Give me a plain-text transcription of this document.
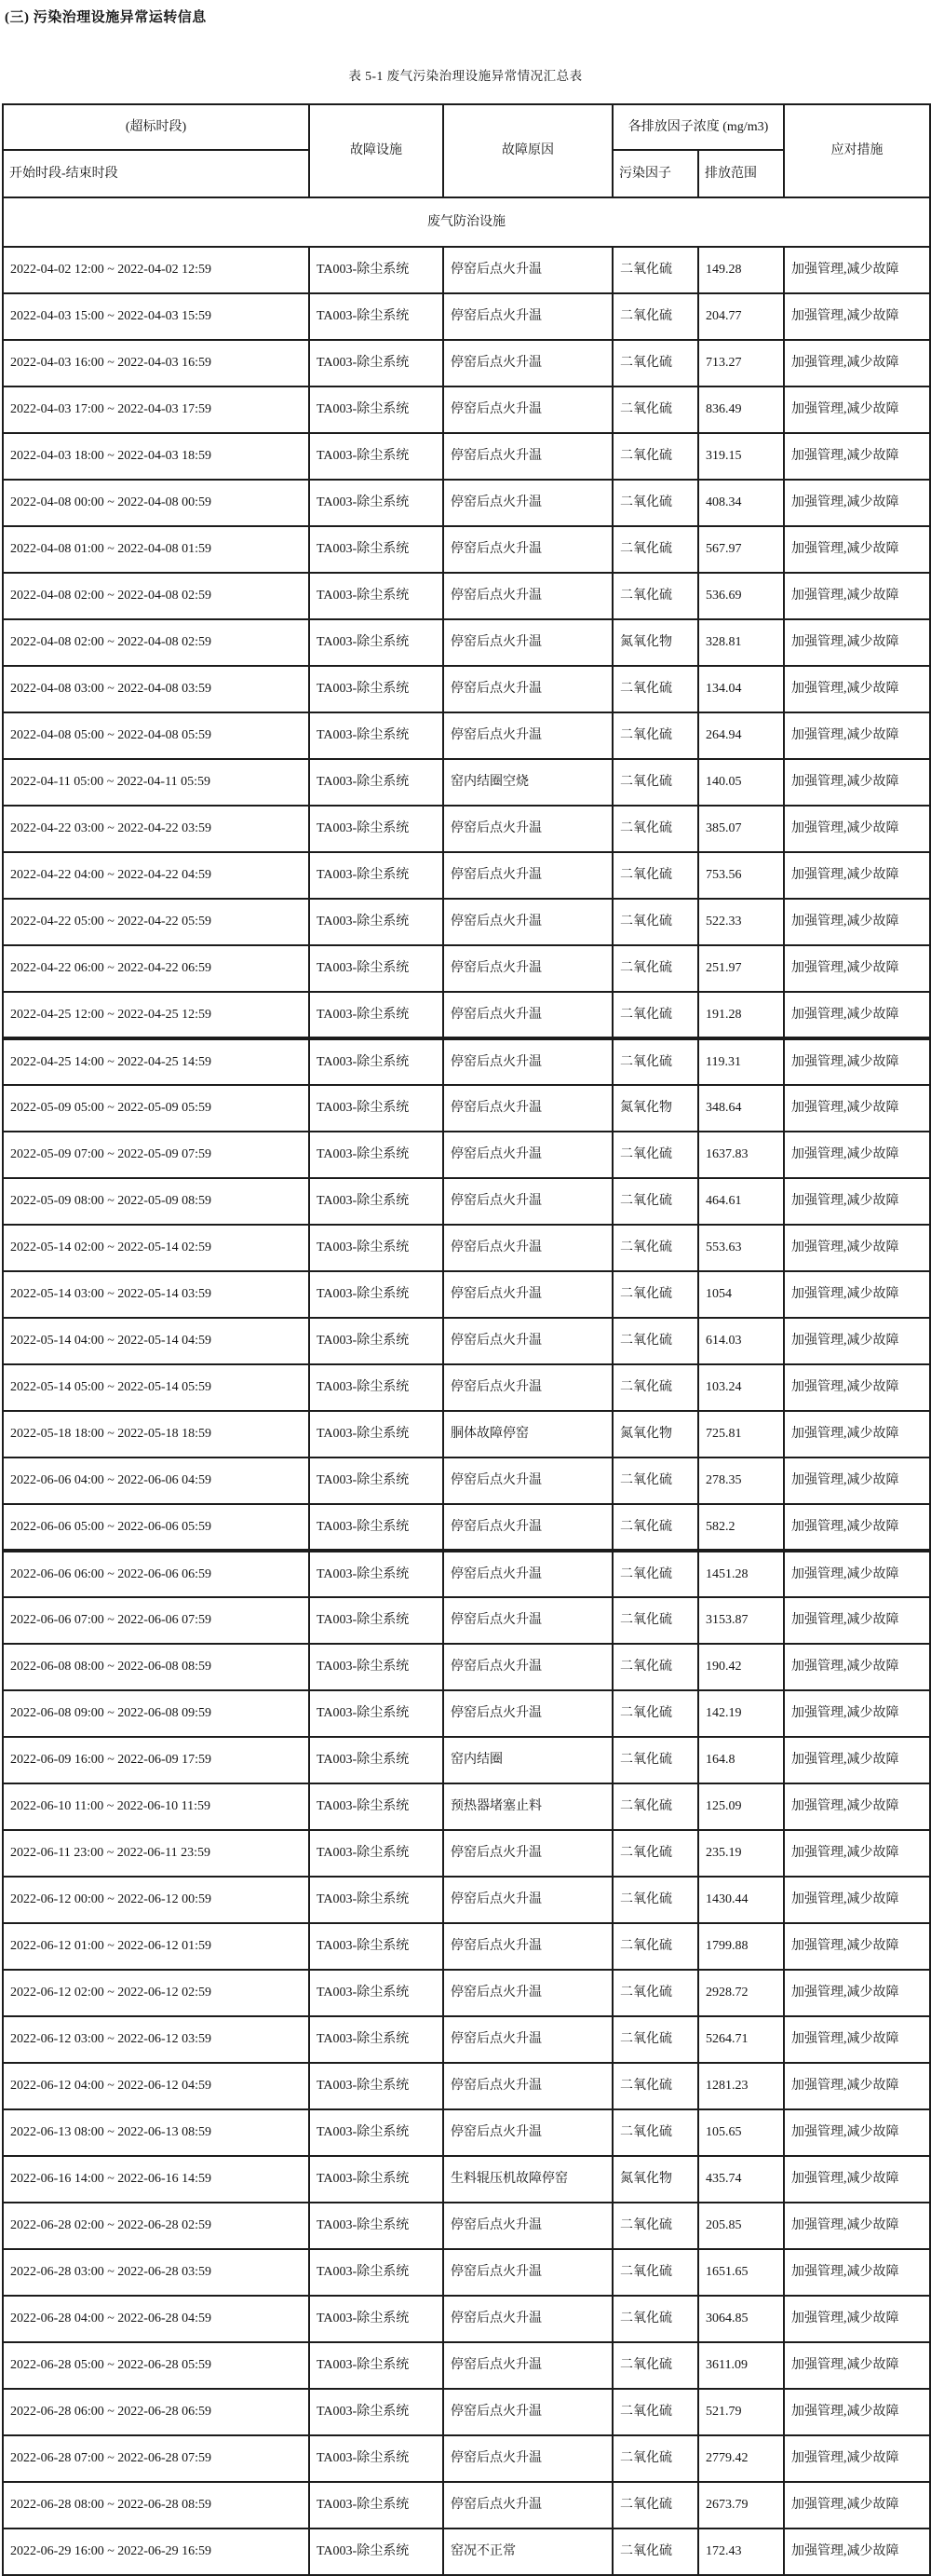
(三) 污染治理设施异常运转信息
表 5-1 废气污染治理设施异常情况汇总表
(超标时段)	故障设施	故障原因	各排放因子浓度 (mg/m3)		应对措施
开始时段-结束时段			污染因子	排放范围	
废气防治设施					
2022-04-02 12:00 ~ 2022-04-02 12:59	TA003-除尘系统	停窑后点火升温	二氧化硫	149.28	加强管理,减少故障
2022-04-03 15:00 ~ 2022-04-03 15:59	TA003-除尘系统	停窑后点火升温	二氧化硫	204.77	加强管理,减少故障
2022-04-03 16:00 ~ 2022-04-03 16:59	TA003-除尘系统	停窑后点火升温	二氧化硫	713.27	加强管理,减少故障
2022-04-03 17:00 ~ 2022-04-03 17:59	TA003-除尘系统	停窑后点火升温	二氧化硫	836.49	加强管理,减少故障
2022-04-03 18:00 ~ 2022-04-03 18:59	TA003-除尘系统	停窑后点火升温	二氧化硫	319.15	加强管理,减少故障
2022-04-08 00:00 ~ 2022-04-08 00:59	TA003-除尘系统	停窑后点火升温	二氧化硫	408.34	加强管理,减少故障
2022-04-08 01:00 ~ 2022-04-08 01:59	TA003-除尘系统	停窑后点火升温	二氧化硫	567.97	加强管理,减少故障
2022-04-08 02:00 ~ 2022-04-08 02:59	TA003-除尘系统	停窑后点火升温	二氧化硫	536.69	加强管理,减少故障
2022-04-08 02:00 ~ 2022-04-08 02:59	TA003-除尘系统	停窑后点火升温	氮氧化物	328.81	加强管理,减少故障
2022-04-08 03:00 ~ 2022-04-08 03:59	TA003-除尘系统	停窑后点火升温	二氧化硫	134.04	加强管理,减少故障
2022-04-08 05:00 ~ 2022-04-08 05:59	TA003-除尘系统	停窑后点火升温	二氧化硫	264.94	加强管理,减少故障
2022-04-11 05:00 ~ 2022-04-11 05:59	TA003-除尘系统	窑内结圈空烧	二氧化硫	140.05	加强管理,减少故障
2022-04-22 03:00 ~ 2022-04-22 03:59	TA003-除尘系统	停窑后点火升温	二氧化硫	385.07	加强管理,减少故障
2022-04-22 04:00 ~ 2022-04-22 04:59	TA003-除尘系统	停窑后点火升温	二氧化硫	753.56	加强管理,减少故障
2022-04-22 05:00 ~ 2022-04-22 05:59	TA003-除尘系统	停窑后点火升温	二氧化硫	522.33	加强管理,减少故障
2022-04-22 06:00 ~ 2022-04-22 06:59	TA003-除尘系统	停窑后点火升温	二氧化硫	251.97	加强管理,减少故障
2022-04-25 12:00 ~ 2022-04-25 12:59	TA003-除尘系统	停窑后点火升温	二氧化硫	191.28	加强管理,减少故障
2022-04-25 14:00 ~ 2022-04-25 14:59	TA003-除尘系统	停窑后点火升温	二氧化硫	119.31	加强管理,减少故障
2022-05-09 05:00 ~ 2022-05-09 05:59	TA003-除尘系统	停窑后点火升温	氮氧化物	348.64	加强管理,减少故障
2022-05-09 07:00 ~ 2022-05-09 07:59	TA003-除尘系统	停窑后点火升温	二氧化硫	1637.83	加强管理,减少故障
2022-05-09 08:00 ~ 2022-05-09 08:59	TA003-除尘系统	停窑后点火升温	二氧化硫	464.61	加强管理,减少故障
2022-05-14 02:00 ~ 2022-05-14 02:59	TA003-除尘系统	停窑后点火升温	二氧化硫	553.63	加强管理,减少故障
2022-05-14 03:00 ~ 2022-05-14 03:59	TA003-除尘系统	停窑后点火升温	二氧化硫	1054	加强管理,减少故障
2022-05-14 04:00 ~ 2022-05-14 04:59	TA003-除尘系统	停窑后点火升温	二氧化硫	614.03	加强管理,减少故障
2022-05-14 05:00 ~ 2022-05-14 05:59	TA003-除尘系统	停窑后点火升温	二氧化硫	103.24	加强管理,减少故障
2022-05-18 18:00 ~ 2022-05-18 18:59	TA003-除尘系统	胴体故障停窑	氮氧化物	725.81	加强管理,减少故障
2022-06-06 04:00 ~ 2022-06-06 04:59	TA003-除尘系统	停窑后点火升温	二氧化硫	278.35	加强管理,减少故障
2022-06-06 05:00 ~ 2022-06-06 05:59	TA003-除尘系统	停窑后点火升温	二氧化硫	582.2	加强管理,减少故障
2022-06-06 06:00 ~ 2022-06-06 06:59	TA003-除尘系统	停窑后点火升温	二氧化硫	1451.28	加强管理,减少故障
2022-06-06 07:00 ~ 2022-06-06 07:59	TA003-除尘系统	停窑后点火升温	二氧化硫	3153.87	加强管理,减少故障
2022-06-08 08:00 ~ 2022-06-08 08:59	TA003-除尘系统	停窑后点火升温	二氧化硫	190.42	加强管理,减少故障
2022-06-08 09:00 ~ 2022-06-08 09:59	TA003-除尘系统	停窑后点火升温	二氧化硫	142.19	加强管理,减少故障
2022-06-09 16:00 ~ 2022-06-09 17:59	TA003-除尘系统	窑内结圈	二氧化硫	164.8	加强管理,减少故障
2022-06-10 11:00 ~ 2022-06-10 11:59	TA003-除尘系统	预热器堵塞止料	二氧化硫	125.09	加强管理,减少故障
2022-06-11 23:00 ~ 2022-06-11 23:59	TA003-除尘系统	停窑后点火升温	二氧化硫	235.19	加强管理,减少故障
2022-06-12 00:00 ~ 2022-06-12 00:59	TA003-除尘系统	停窑后点火升温	二氧化硫	1430.44	加强管理,减少故障
2022-06-12 01:00 ~ 2022-06-12 01:59	TA003-除尘系统	停窑后点火升温	二氧化硫	1799.88	加强管理,减少故障
2022-06-12 02:00 ~ 2022-06-12 02:59	TA003-除尘系统	停窑后点火升温	二氧化硫	2928.72	加强管理,减少故障
2022-06-12 03:00 ~ 2022-06-12 03:59	TA003-除尘系统	停窑后点火升温	二氧化硫	5264.71	加强管理,减少故障
2022-06-12 04:00 ~ 2022-06-12 04:59	TA003-除尘系统	停窑后点火升温	二氧化硫	1281.23	加强管理,减少故障
2022-06-13 08:00 ~ 2022-06-13 08:59	TA003-除尘系统	停窑后点火升温	二氧化硫	105.65	加强管理,减少故障
2022-06-16 14:00 ~ 2022-06-16 14:59	TA003-除尘系统	生料辊压机故障停窑	氮氧化物	435.74	加强管理,减少故障
2022-06-28 02:00 ~ 2022-06-28 02:59	TA003-除尘系统	停窑后点火升温	二氧化硫	205.85	加强管理,减少故障
2022-06-28 03:00 ~ 2022-06-28 03:59	TA003-除尘系统	停窑后点火升温	二氧化硫	1651.65	加强管理,减少故障
2022-06-28 04:00 ~ 2022-06-28 04:59	TA003-除尘系统	停窑后点火升温	二氧化硫	3064.85	加强管理,减少故障
2022-06-28 05:00 ~ 2022-06-28 05:59	TA003-除尘系统	停窑后点火升温	二氧化硫	3611.09	加强管理,减少故障
2022-06-28 06:00 ~ 2022-06-28 06:59	TA003-除尘系统	停窑后点火升温	二氧化硫	521.79	加强管理,减少故障
2022-06-28 07:00 ~ 2022-06-28 07:59	TA003-除尘系统	停窑后点火升温	二氧化硫	2779.42	加强管理,减少故障
2022-06-28 08:00 ~ 2022-06-28 08:59	TA003-除尘系统	停窑后点火升温	二氧化硫	2673.79	加强管理,减少故障
2022-06-29 16:00 ~ 2022-06-29 16:59	TA003-除尘系统	窑况不正常	二氧化硫	172.43	加强管理,减少故障
